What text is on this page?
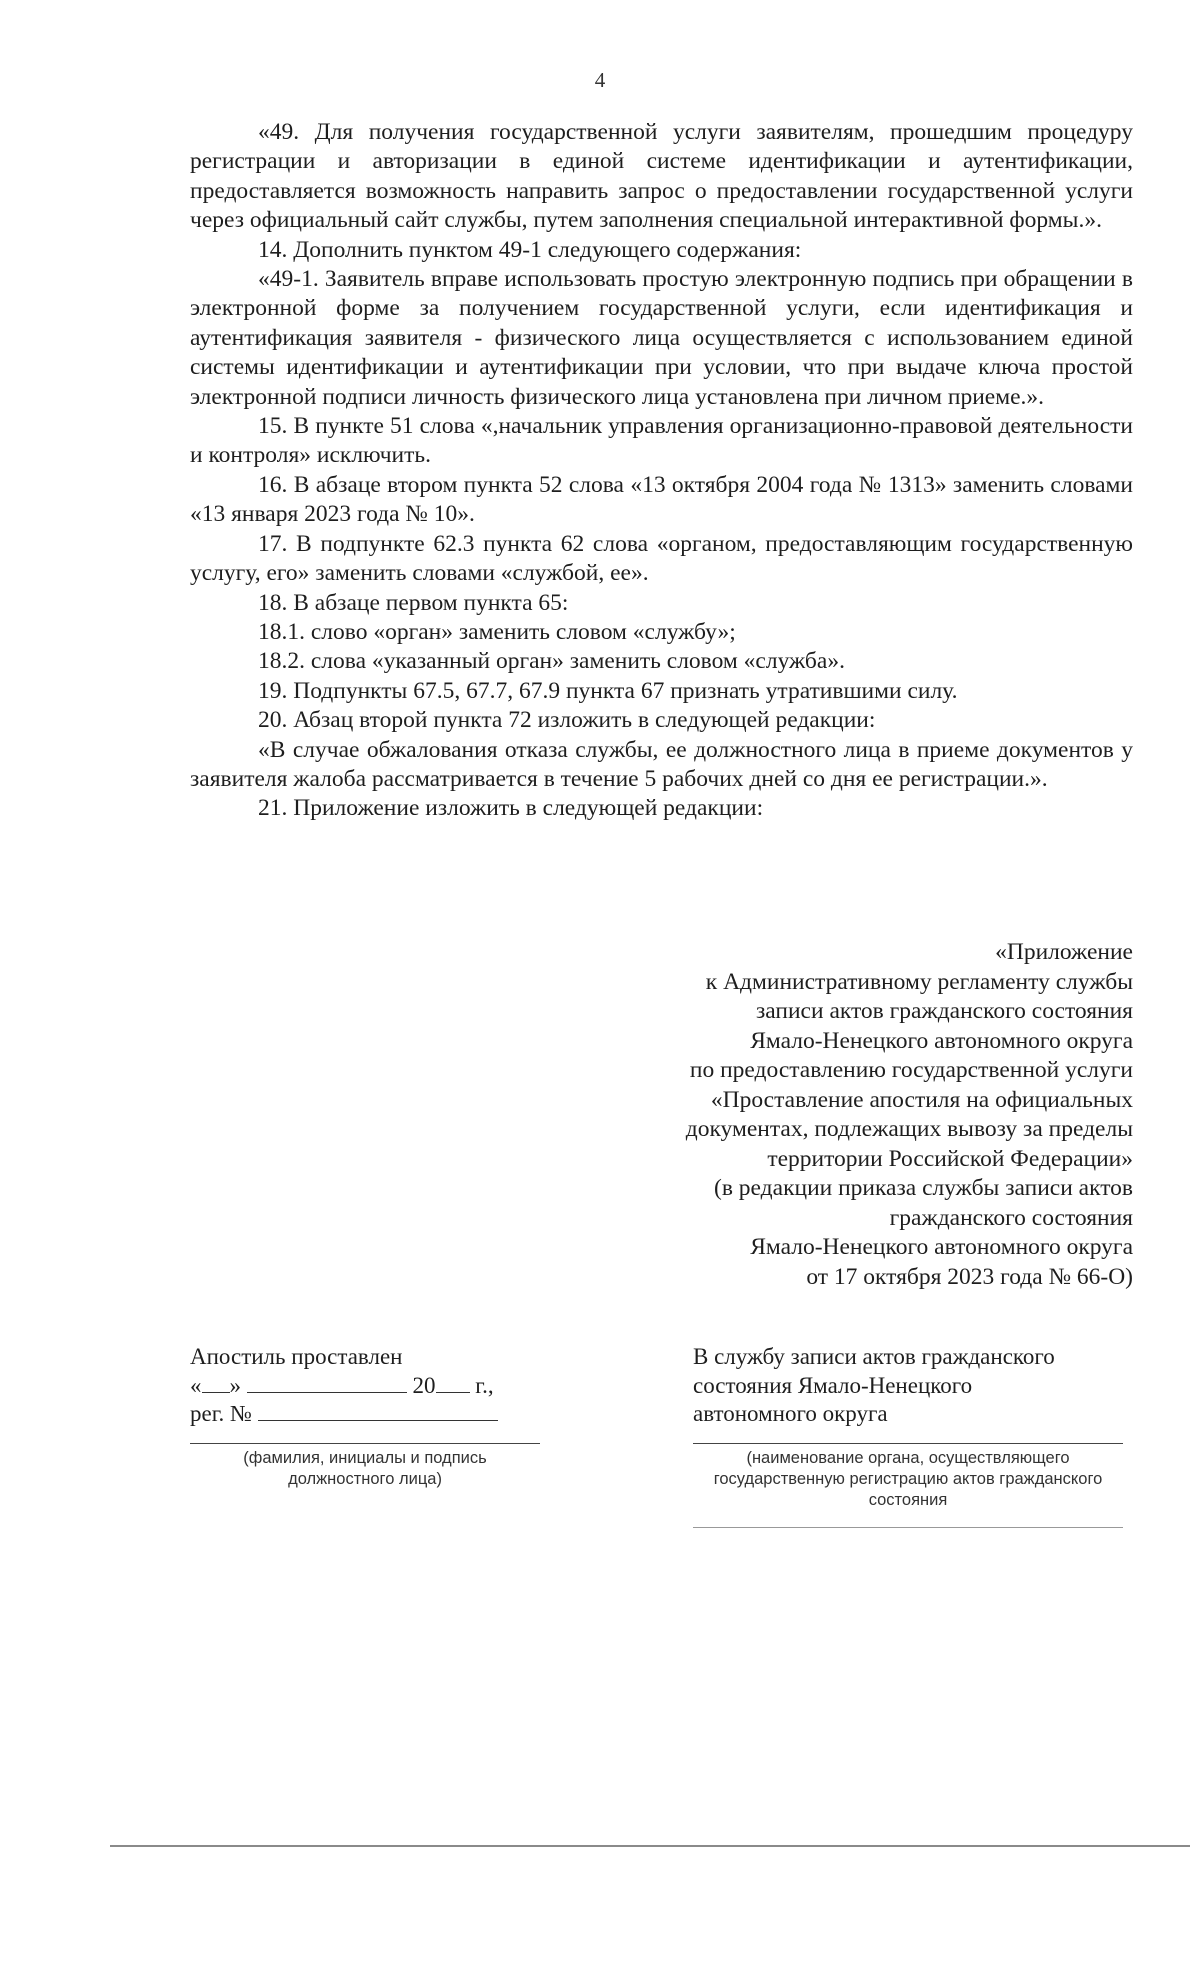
4

«49. Для получения государственной услуги заявителям, прошедшим процедуру регистрации и авторизации в единой системе идентификации и аутентификации, предоставляется возможность направить запрос о предоставлении государственной услуги через официальный сайт службы, путем заполнения специальной интерактивной формы.».

14. Дополнить пунктом 49-1 следующего содержания:

«49-1. Заявитель вправе использовать простую электронную подпись при обращении в электронной форме за получением государственной услуги, если идентификация и аутентификация заявителя - физического лица осуществляется с использованием единой системы идентификации и аутентификации при условии, что при выдаче ключа простой электронной подписи личность физического лица установлена при личном приеме.».

15. В пункте 51 слова «,начальник управления организационно-правовой деятельности и контроля» исключить.

16. В абзаце втором пункта 52 слова «13 октября 2004 года № 1313» заменить словами «13 января 2023 года № 10».

17. В подпункте 62.3 пункта 62 слова «органом, предоставляющим государственную услугу, его» заменить словами «службой, ее».

18. В абзаце первом пункта 65:

18.1. слово «орган» заменить словом «службу»;

18.2. слова «указанный орган» заменить словом «служба».

19. Подпункты 67.5, 67.7, 67.9 пункта 67 признать утратившими силу.

20. Абзац второй пункта 72 изложить в следующей редакции:

«В случае обжалования отказа службы, ее должностного лица в приеме документов у заявителя жалоба рассматривается в течение 5 рабочих дней со дня ее регистрации.».

21. Приложение изложить в следующей редакции:

«Приложение
к Административному регламенту службы
записи актов гражданского состояния
Ямало-Ненецкого автономного округа
по предоставлению государственной услуги
«Проставление апостиля на официальных
документах, подлежащих вывозу за пределы
территории Российской Федерации»
(в редакции приказа службы записи актов
гражданского состояния
Ямало-Ненецкого автономного округа
от 17 октября 2023 года № 66-О)
Апостиль проставлен
« »	20 г.,
рег. №
(фамилия, инициалы и подпись должностного лица)
В службу записи актов гражданского
состояния Ямало-Ненецкого
автономного округа
(наименование органа, осуществляющего государственную регистрацию актов гражданского состояния
